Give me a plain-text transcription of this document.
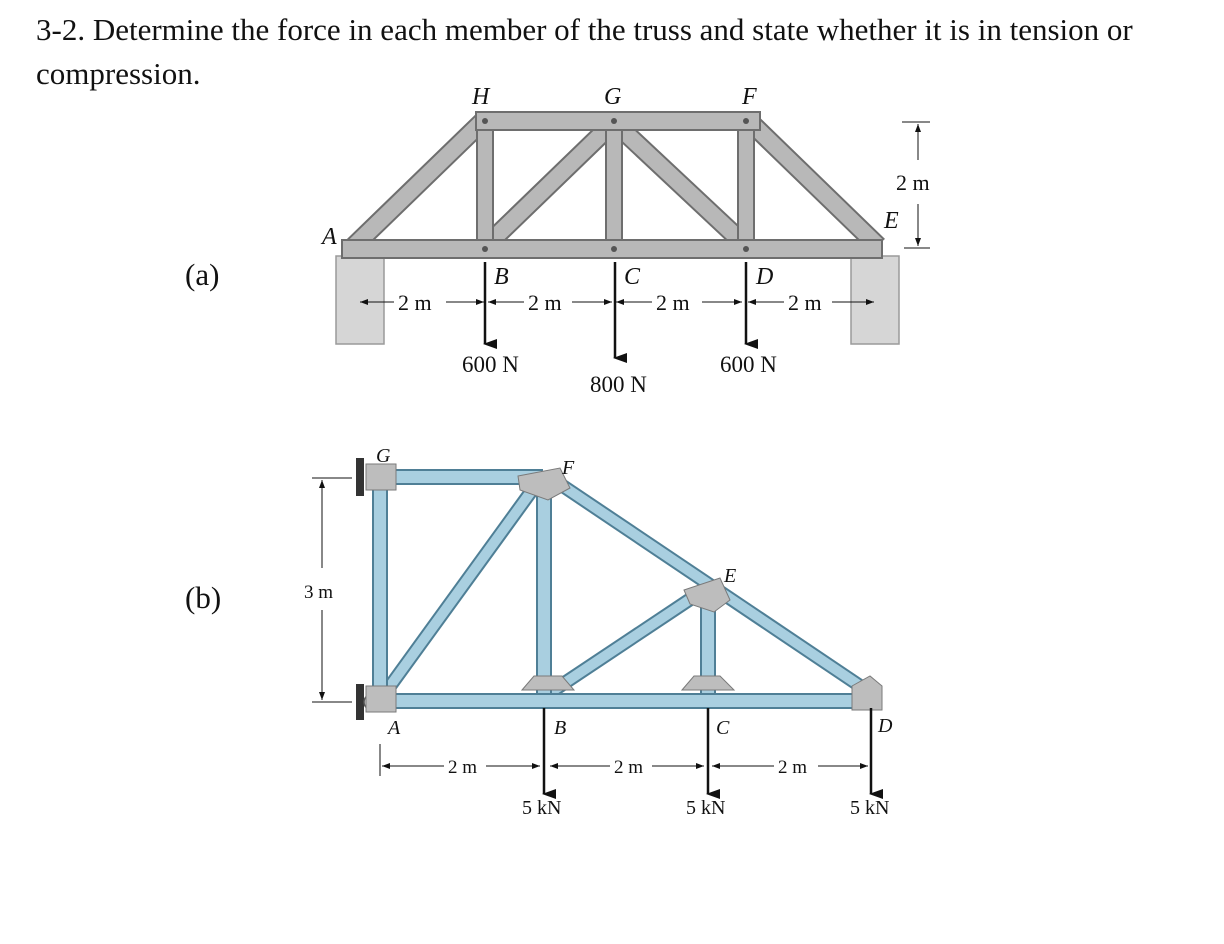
3-2. Determine the force in each member of the truss and state whether it is in tension or compression.

(a)
H	G	F
A
B	C	D
E
2 m	2 m	2 m	2 m
2 m
600 N
800 N
600 N
(b)
G
F
E
A	B	C	D
3 m
2 m	2 m	2 m
5 kN	5 kN	5 kN
